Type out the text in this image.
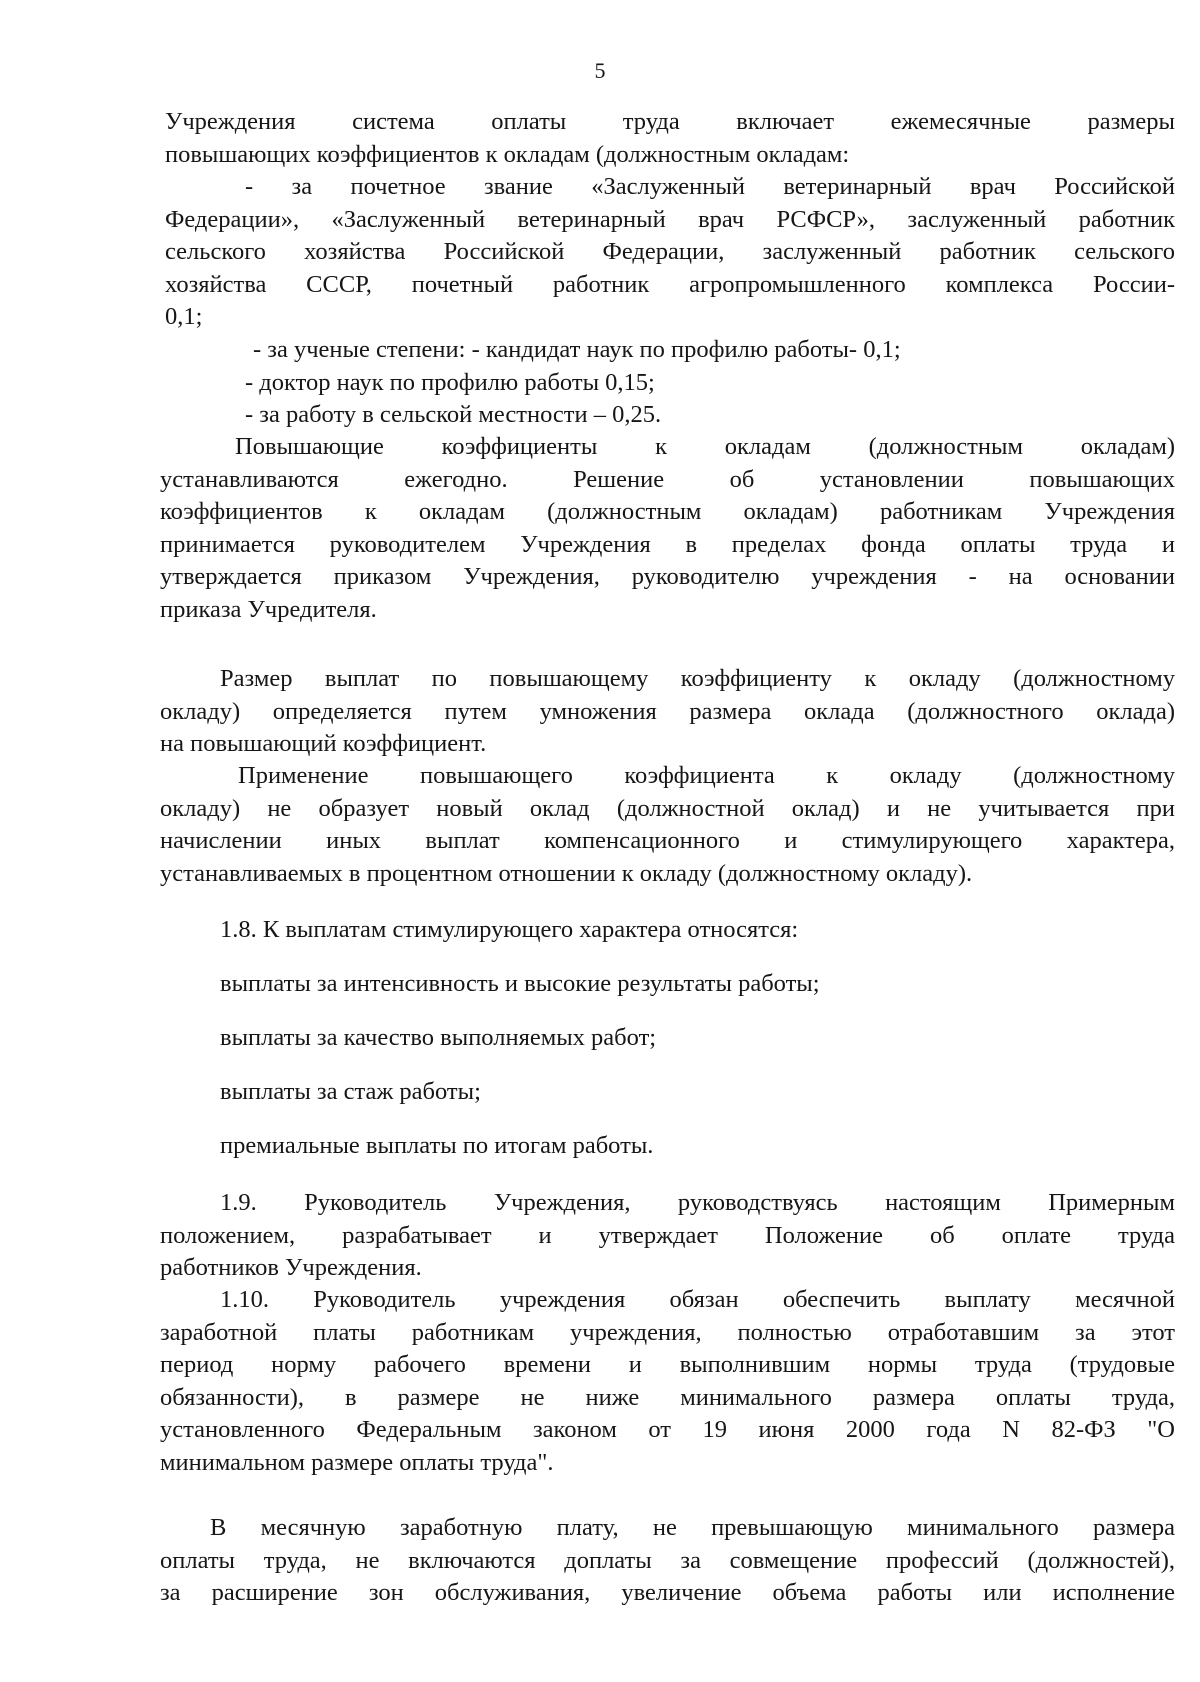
5
Учреждения система оплаты труда включает ежемесячные размеры
повышающих коэффициентов к окладам (должностным окладам:
- за почетное звание «Заслуженный ветеринарный врач Российской
Федерации», «Заслуженный ветеринарный врач РСФСР», заслуженный работник
сельского хозяйства Российской Федерации, заслуженный работник сельского
хозяйства СССР, почетный работник агропромышленного комплекса России-
0,1;
- за ученые степени: - кандидат наук по профилю работы- 0,1;
- доктор наук по профилю работы 0,15;
- за работу в сельской местности – 0,25.
Повышающие коэффициенты к окладам (должностным окладам)
устанавливаются ежегодно. Решение об установлении повышающих
коэффициентов к окладам (должностным окладам) работникам Учреждения
принимается руководителем Учреждения в пределах фонда оплаты труда и
утверждается приказом Учреждения, руководителю учреждения - на основании
приказа Учредителя.
Размер выплат по повышающему коэффициенту к окладу (должностному
окладу) определяется путем умножения размера оклада (должностного оклада)
на повышающий коэффициент.
Применение повышающего коэффициента к окладу (должностному
окладу) не образует новый оклад (должностной оклад) и не учитывается при
начислении иных выплат компенсационного и стимулирующего характера,
устанавливаемых в процентном отношении к окладу (должностному окладу).
1.8. К выплатам стимулирующего характера относятся:
выплаты за интенсивность и высокие результаты работы;
выплаты за качество выполняемых работ;
выплаты за стаж работы;
премиальные выплаты по итогам работы.
1.9. Руководитель Учреждения, руководствуясь настоящим Примерным
положением, разрабатывает и утверждает Положение об оплате труда
работников Учреждения.
1.10. Руководитель учреждения обязан обеспечить выплату месячной
заработной платы работникам учреждения, полностью отработавшим за этот
период норму рабочего времени и выполнившим нормы труда (трудовые
обязанности), в размере не ниже минимального размера оплаты труда,
установленного Федеральным законом от 19 июня 2000 года N 82-ФЗ "О
минимальном размере оплаты труда".
В месячную заработную плату, не превышающую минимального размера
оплаты труда, не включаются доплаты за совмещение профессий (должностей),
за расширение зон обслуживания, увеличение объема работы или исполнение
